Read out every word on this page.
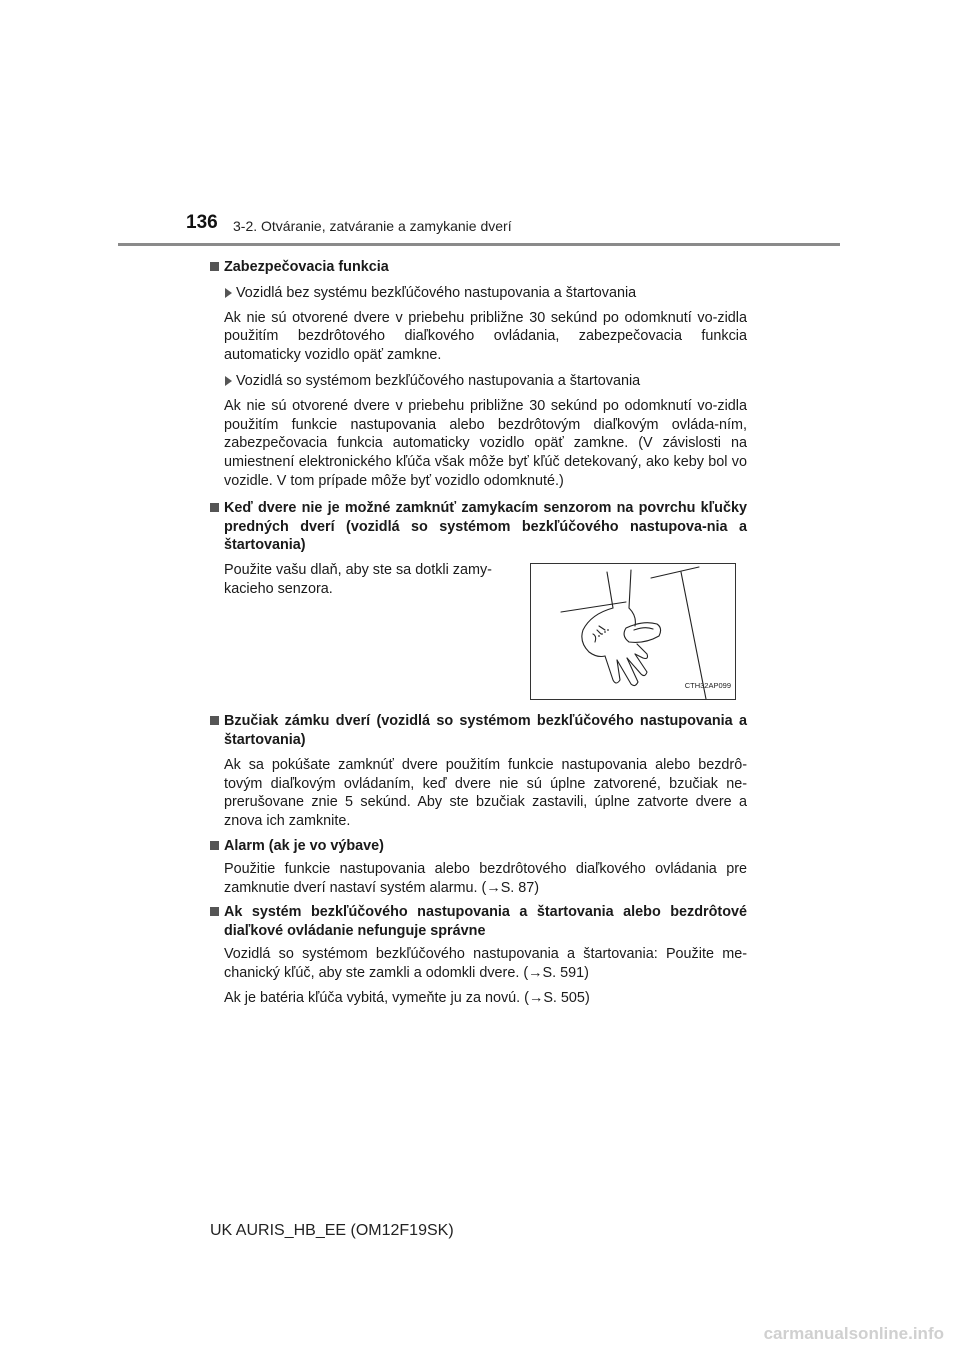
136 3-2. Otváranie, zatváranie a zamykanie dverí
Zabezpečovacia funkcia
Vozidlá bez systému bezkľúčového nastupovania a štartovania
Ak nie sú otvorené dvere v priebehu približne 30 sekúnd po odomknutí vo-zidla použitím bezdrôtového diaľkového ovládania, zabezpečovacia funkcia automaticky vozidlo opäť zamkne.
Vozidlá so systémom bezkľúčového nastupovania a štartovania
Ak nie sú otvorené dvere v priebehu približne 30 sekúnd po odomknutí vo-zidla použitím funkcie nastupovania alebo bezdrôtovým diaľkovým ovláda-ním, zabezpečovacia funkcia automaticky vozidlo opäť zamkne. (V závislosti na umiestnení elektronického kľúča však môže byť kľúč detekovaný, ako keby bol vo vozidle. V tom prípade môže byť vozidlo odomknuté.)
Keď dvere nie je možné zamknúť zamykacím senzorom na povrchu kľučky predných dverí (vozidlá so systémom bezkľúčového nastupova-nia a štartovania)
Použite vašu dlaň, aby ste sa dotkli zamy-kacieho senzora.
CTH32AP099
Bzučiak zámku dverí (vozidlá so systémom bezkľúčového nastupovania a štartovania)
Ak sa pokúšate zamknúť dvere použitím funkcie nastupovania alebo bezdrô-tovým diaľkovým ovládaním, keď dvere nie sú úplne zatvorené, bzučiak ne-prerušovane znie 5 sekúnd. Aby ste bzučiak zastavili, úplne zatvorte dvere a znova ich zamknite.
Alarm (ak je vo výbave)
Použitie funkcie nastupovania alebo bezdrôtového diaľkového ovládania pre zamknutie dverí nastaví systém alarmu. (→S. 87)
Ak systém bezkľúčového nastupovania a štartovania alebo bezdrôtové diaľkové ovládanie nefunguje správne
Vozidlá so systémom bezkľúčového nastupovania a štartovania: Použite me-chanický kľúč, aby ste zamkli a odomkli dvere. (→S. 591)
Ak je batéria kľúča vybitá, vymeňte ju za novú. (→S. 505)
UK AURIS_HB_EE (OM12F19SK)
carmanualsonline.info
